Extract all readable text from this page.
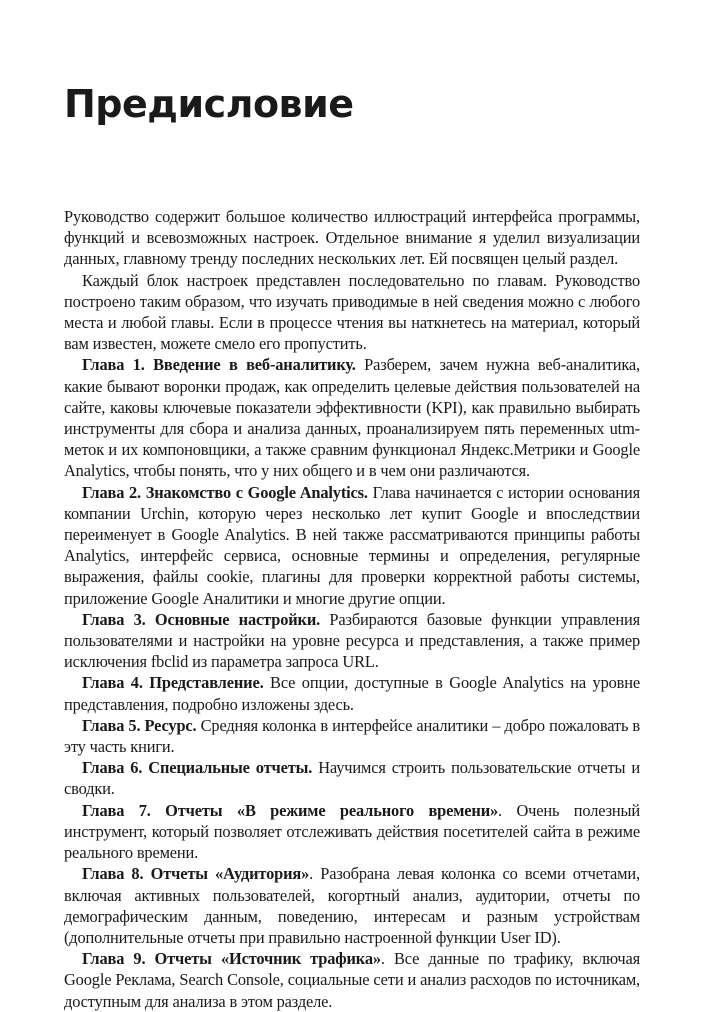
Предисловие

Руководство содержит большое количество иллюстраций интерфейса программы, функций и всевозможных настроек. Отдельное внимание я уделил визуализации данных, главному тренду последних нескольких лет. Ей посвящен целый раздел.

Каждый блок настроек представлен последовательно по главам. Руководство построено таким образом, что изучать приводимые в ней сведения можно с любого места и любой главы. Если в процессе чтения вы наткнетесь на материал, который вам известен, можете смело его пропустить.

Глава 1. Введение в веб-аналитику. Разберем, зачем нужна веб-аналитика, какие бывают воронки продаж, как определить целевые действия пользователей на сайте, каковы ключевые показатели эффективности (KPI), как правильно выбирать инструменты для сбора и анализа данных, проанализируем пять переменных utm-меток и их компоновщики, а также сравним функционал Яндекс.Метрики и Google Analytics, чтобы понять, что у них общего и в чем они различаются.

Глава 2. Знакомство с Google Analytics. Глава начинается с истории основания компании Urchin, которую через несколько лет купит Google и впоследствии переименует в Google Analytics. В ней также рассматриваются принципы работы Analytics, интерфейс сервиса, основные термины и определения, регулярные выражения, файлы cookie, плагины для проверки корректной работы системы, приложение Google Аналитики и многие другие опции.

Глава 3. Основные настройки. Разбираются базовые функции управления пользователями и настройки на уровне ресурса и представления, а также пример исключения fbclid из параметра запроса URL.

Глава 4. Представление. Все опции, доступные в Google Analytics на уровне представления, подробно изложены здесь.

Глава 5. Ресурс. Средняя колонка в интерфейсе аналитики – добро пожаловать в эту часть книги.

Глава 6. Специальные отчеты. Научимся строить пользовательские отчеты и сводки.

Глава 7. Отчеты «В режиме реального времени». Очень полезный инструмент, который позволяет отслеживать действия посетителей сайта в режиме реального времени.

Глава 8. Отчеты «Аудитория». Разобрана левая колонка со всеми отчетами, включая активных пользователей, когортный анализ, аудитории, отчеты по демографическим данным, поведению, интересам и разным устройствам (дополнительные отчеты при правильно настроенной функции User ID).

Глава 9. Отчеты «Источник трафика». Все данные по трафику, включая Google Реклама, Search Console, социальные сети и анализ расходов по источникам, доступным для анализа в этом разделе.
